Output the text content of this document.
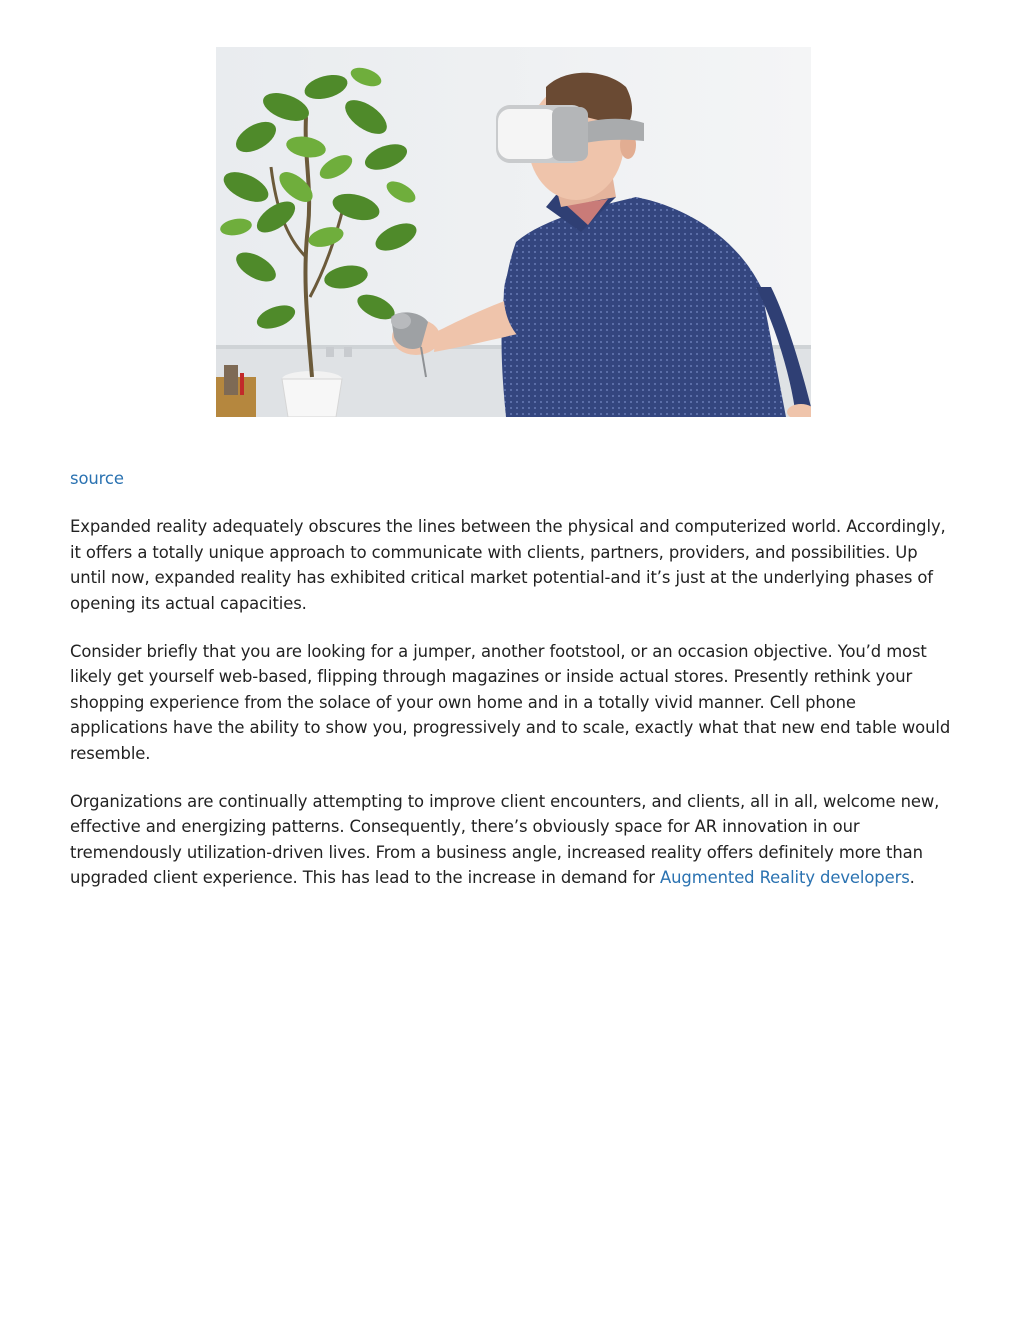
source

Expanded reality adequately obscures the lines between the physical and computerized world. Accordingly, it offers a totally unique approach to communicate with clients, partners, providers, and possibilities. Up until now, expanded reality has exhibited critical market potential-and it’s just at the underlying phases of opening its actual capacities.

Consider briefly that you are looking for a jumper, another footstool, or an occasion objective. You’d most likely get yourself web-based, flipping through magazines or inside actual stores. Presently rethink your shopping experience from the solace of your own home and in a totally vivid manner. Cell phone applications have the ability to show you, progressively and to scale, exactly what that new end table would resemble.

Organizations are continually attempting to improve client encounters, and clients, all in all, welcome new, effective and energizing patterns. Consequently, there’s obviously space for AR innovation in our tremendously utilization-driven lives. From a business angle, increased reality offers definitely more than upgraded client experience. This has lead to the increase in demand for Augmented Reality developers.
